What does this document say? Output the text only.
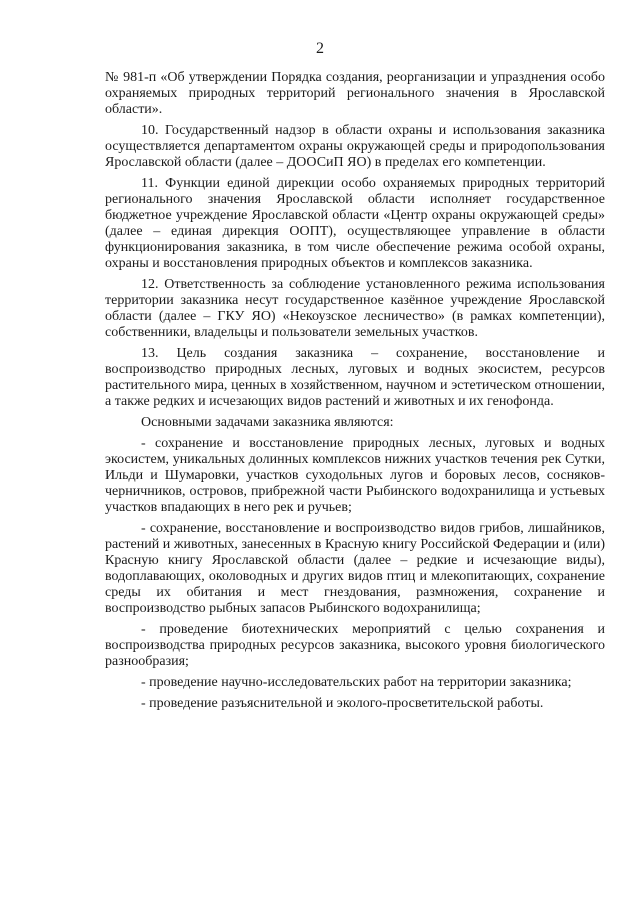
2

№ 981-п «Об утверждении Порядка создания, реорганизации и упразднения особо охраняемых природных территорий регионального значения в Ярославской области».

10. Государственный надзор в области охраны и использования заказника осуществляется департаментом охраны окружающей среды и природопользования Ярославской области (далее – ДООСиП ЯО) в пределах его компетенции.

11. Функции единой дирекции особо охраняемых природных территорий регионального значения Ярославской области исполняет государственное бюджетное учреждение Ярославской области «Центр охраны окружающей среды» (далее – единая дирекция ООПТ), осуществляющее управление в области функционирования заказника, в том числе обеспечение режима особой охраны, охраны и восстановления природных объектов и комплексов заказника.

12. Ответственность за соблюдение установленного режима использования территории заказника несут государственное казённое учреждение Ярославской области (далее – ГКУ ЯО) «Некоузское лесничество» (в рамках компетенции), собственники, владельцы и пользователи земельных участков.

13. Цель создания заказника – сохранение, восстановление и воспроизводство природных лесных, луговых и водных экосистем, ресурсов растительного мира, ценных в хозяйственном, научном и эстетическом отношении, а также редких и исчезающих видов растений и животных и их генофонда.

Основными задачами заказника являются:

- сохранение и восстановление природных лесных, луговых и водных экосистем, уникальных долинных комплексов нижних участков течения рек Сутки, Ильди и Шумаровки, участков суходольных лугов и боровых лесов, сосняков-черничников, островов, прибрежной части Рыбинского водохранилища и устьевых участков впадающих в него рек и ручьев;

- сохранение, восстановление и воспроизводство видов грибов, лишайников, растений и животных, занесенных в Красную книгу Российской Федерации и (или) Красную книгу Ярославской области (далее – редкие и исчезающие виды), водоплавающих, околоводных и других видов птиц и млекопитающих, сохранение среды их обитания и мест гнездования, размножения, сохранение и воспроизводство рыбных запасов Рыбинского водохранилища;

- проведение биотехнических мероприятий с целью сохранения и воспроизводства природных ресурсов заказника, высокого уровня биологического разнообразия;

- проведение научно-исследовательских работ на территории заказника;

- проведение разъяснительной и эколого-просветительской работы.
